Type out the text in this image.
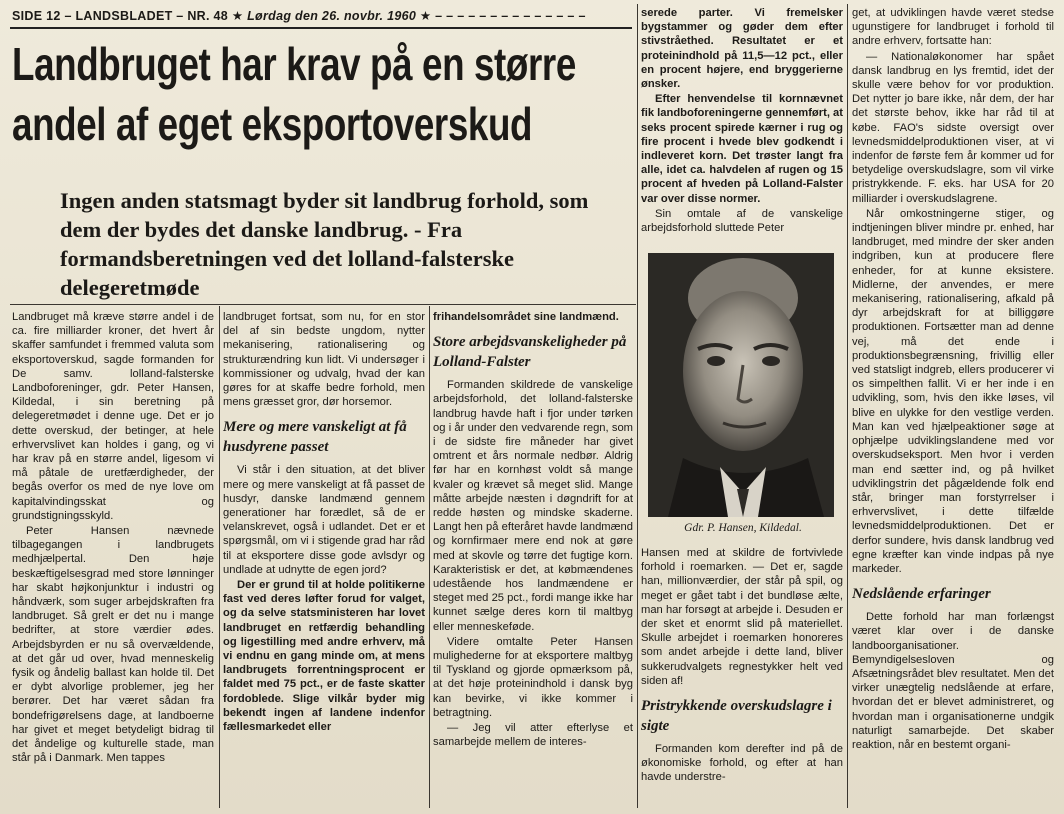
SIDE 12 – LANDSBLADET – NR. 48 ★ Lørdag den 26. novbr. 1960 ★ – – – – – – – – – – – – – –
Landbruget har krav på en større
andel af eget eksportoverskud
Ingen anden statsmagt byder sit landbrug forhold, som dem der bydes det danske landbrug. - Fra formandsberetningen ved det lolland-falsterske delegeretmøde

Landbruget må kræve større andel i de ca. fire milliarder kroner, det hvert år skaffer samfundet i fremmed valuta som eksportoverskud, sagde formanden for De samv. lolland-falsterske Landboforeninger, gdr. Peter Hansen, Kildedal, i sin beretning på delegeretmødet i denne uge. Det er jo dette overskud, der betinger, at hele erhvervslivet kan holdes i gang, og vi har krav på en større andel, ligesom vi må påtale de uretfærdigheder, der begås overfor os med de nye love om kapitalvindingsskat og grundstigningsskyld.

Peter Hansen nævnede tilbagegangen i landbrugets medhjælpertal. Den høje beskæftigelsesgrad med store lønninger har skabt højkonjunktur i industri og håndværk, som suger arbejdskraften fra landbruget. Så grelt er det nu i mange bedrifter, at store værdier ødes. Arbejdsbyrden er nu så overvældende, at det går ud over, hvad menneskelig fysik og åndelig ballast kan holde til. Det er dybt alvorlige problemer, jeg her berører. Det har været sådan fra bondefrigørelsens dage, at landboerne har givet et meget betydeligt bidrag til det åndelige og kulturelle stade, man står på i Danmark. Men tappes

landbruget fortsat, som nu, for en stor del af sin bedste ungdom, nytter mekanisering, rationalisering og strukturændring kun lidt. Vi undersøger i kommissioner og udvalg, hvad der kan gøres for at skaffe bedre forhold, men mens græsset gror, dør horsemor.

Mere og mere vanskeligt at få husdyrene passet

Vi står i den situation, at det bliver mere og mere vanskeligt at få passet de husdyr, danske landmænd gennem generationer har forædlet, så de er velanskrevet, også i udlandet. Det er et spørgsmål, om vi i stigende grad har råd til at eksportere disse gode avlsdyr og undlade at udnytte de egen jord?

Der er grund til at holde politikerne fast ved deres løfter forud for valget, og da selve statsministeren har lovet landbruget en retfærdig behandling og ligestilling med andre erhverv, må vi endnu en gang minde om, at mens landbrugets forrentningsprocent er faldet med 75 pct., er de faste skatter fordoblede. Slige vilkår byder mig bekendt ingen af landene indenfor fællesmarkedet eller

frihandelsområdet sine landmænd.

Store arbejdsvanskeligheder på Lolland-Falster

Formanden skildrede de vanskelige arbejdsforhold, det lolland-falsterske landbrug havde haft i fjor under tørken og i år under den vedvarende regn, som i de sidste fire måneder har givet omtrent et års normale nedbør. Aldrig før har en kornhøst voldt så mange kvaler og krævet så meget slid. Mange måtte arbejde næsten i døgndrift for at redde høsten og mindske skaderne. Langt hen på efteråret havde landmænd og kornfirmaer mere end nok at gøre med at skovle og tørre det fugtige korn. Karakteristisk er det, at købmændenes udestående hos landmændene er steget med 25 pct., fordi mange ikke har kunnet sælge deres korn til maltbyg eller menneskeføde.

Videre omtalte Peter Hansen mulighederne for at eksportere maltbyg til Tyskland og gjorde opmærksom på, at det høje proteinindhold i dansk byg kan bevirke, vi ikke kommer i betragtning.

— Jeg vil atter efterlyse et samarbejde mellem de interes-

serede parter. Vi fremelsker bygstammer og gøder dem efter stivstråethed. Resultatet er et proteinindhold på 11,5—12 pct., eller en procent højere, end bryggerierne ønsker.

Efter henvendelse til kornnævnet fik landboforeningerne gennemført, at seks procent spirede kærner i rug og fire procent i hvede blev godkendt i indleveret korn. Det trøster langt fra alle, idet ca. halvdelen af rugen og 15 procent af hveden på Lolland-Falster var over disse normer.

Sin omtale af de vanskelige arbejdsforhold sluttede Peter

Gdr. P. Hansen, Kildedal.

Hansen med at skildre de fortvivlede forhold i roemarken. — Det er, sagde han, millionværdier, der står på spil, og meget er gået tabt i det bundløse ælte, man har forsøgt at arbejde i. Desuden er der sket et enormt slid på materiellet. Skulle arbejdet i roemarken honoreres som andet arbejde i dette land, bliver sukkerudvalgets regnestykker helt ved siden af!

Pristrykkende overskudslagre i sigte

Formanden kom derefter ind på de økonomiske forhold, og efter at han havde understre-

get, at udviklingen havde været stedse ugunstigere for landbruget i forhold til andre erhverv, fortsatte han:

— Nationaløkonomer har spået dansk landbrug en lys fremtid, idet der skulle være behov for vor produktion. Det nytter jo bare ikke, når dem, der har det største behov, ikke har råd til at købe. FAO's sidste oversigt over levnedsmiddelproduktionen viser, at vi indenfor de første fem år kommer ud for betydelige overskudslagre, som vil virke pristrykkende. F. eks. har USA for 20 milliarder i overskudslagrene.

Når omkostningerne stiger, og indtjeningen bliver mindre pr. enhed, har landbruget, med mindre der sker anden indgriben, kun at producere flere enheder, for at kunne eksistere. Midlerne, der anvendes, er mere mekanisering, rationalisering, afkald på dyr arbejdskraft for at billiggøre produktionen. Fortsætter man ad denne vej, må det ende i produktionsbegrænsning, frivillig eller ved statsligt indgreb, ellers producerer vi os simpelthen fallit. Vi er her inde i en udvikling, som, hvis den ikke løses, vil blive en ulykke for den vestlige verden. Man kan ved hjælpeaktioner søge at ophjælpe udviklingslandene med vor overskudseksport. Men hvor i verden man end sætter ind, og på hvilket udviklingstrin det pågældende folk end står, bringer man forstyrrelser i erhvervslivet, i dette tilfælde levnedsmiddelproduktionen. Det er derfor sundere, hvis dansk landbrug ved egne kræfter kan vinde indpas på nye markeder.

Nedslående erfaringer

Dette forhold har man forlængst været klar over i de danske landboorganisationer. Bemyndigelsesloven og Afsætningsrådet blev resultatet. Men det virker unægtelig nedslående at erfare, hvordan det er blevet administreret, og hvordan man i organisationerne undgik naturligt samarbejde. Det skaber reaktion, når en bestemt organi-
